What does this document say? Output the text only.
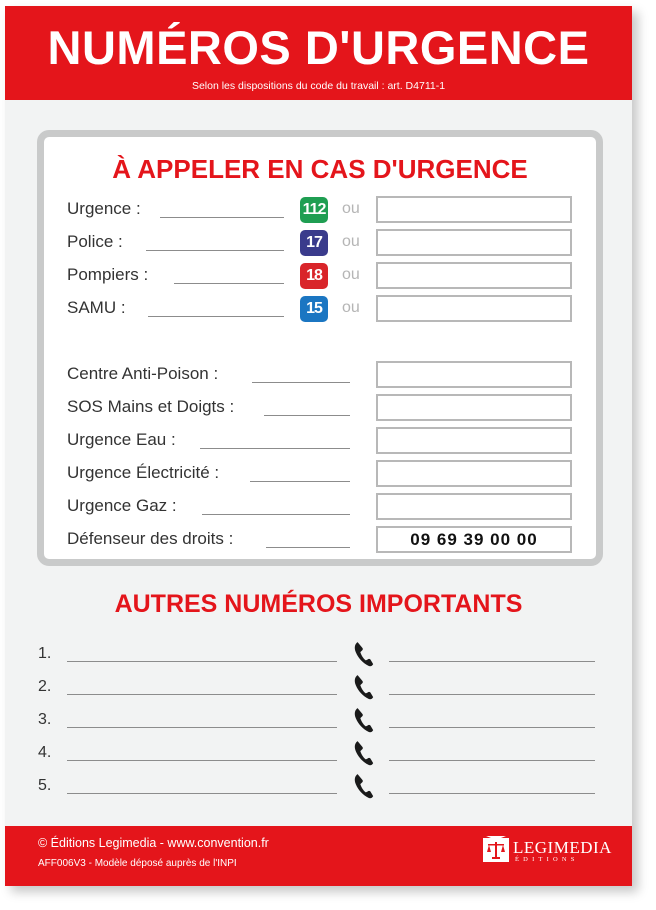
NUMÉROS D'URGENCE
Selon les dispositions du code du travail : art. D4711-1
À APPELER EN CAS D'URGENCE
Urgence :	112 ou
Police :	17	ou
Pompiers :	18	ou
SAMU :	15	ou
Centre Anti-Poison :
SOS Mains et Doigts :
Urgence Eau :
Urgence Électricité :
Urgence Gaz :
Défenseur des droits :	09 69 39 00 00
AUTRES NUMÉROS IMPORTANTS
1.
2.
3.
4.
5.
© Éditions Legimedia - www.convention.fr
AFF006V3 - Modèle déposé auprès de l'INPI
LEGIMEDIA
ÉDITIONS
